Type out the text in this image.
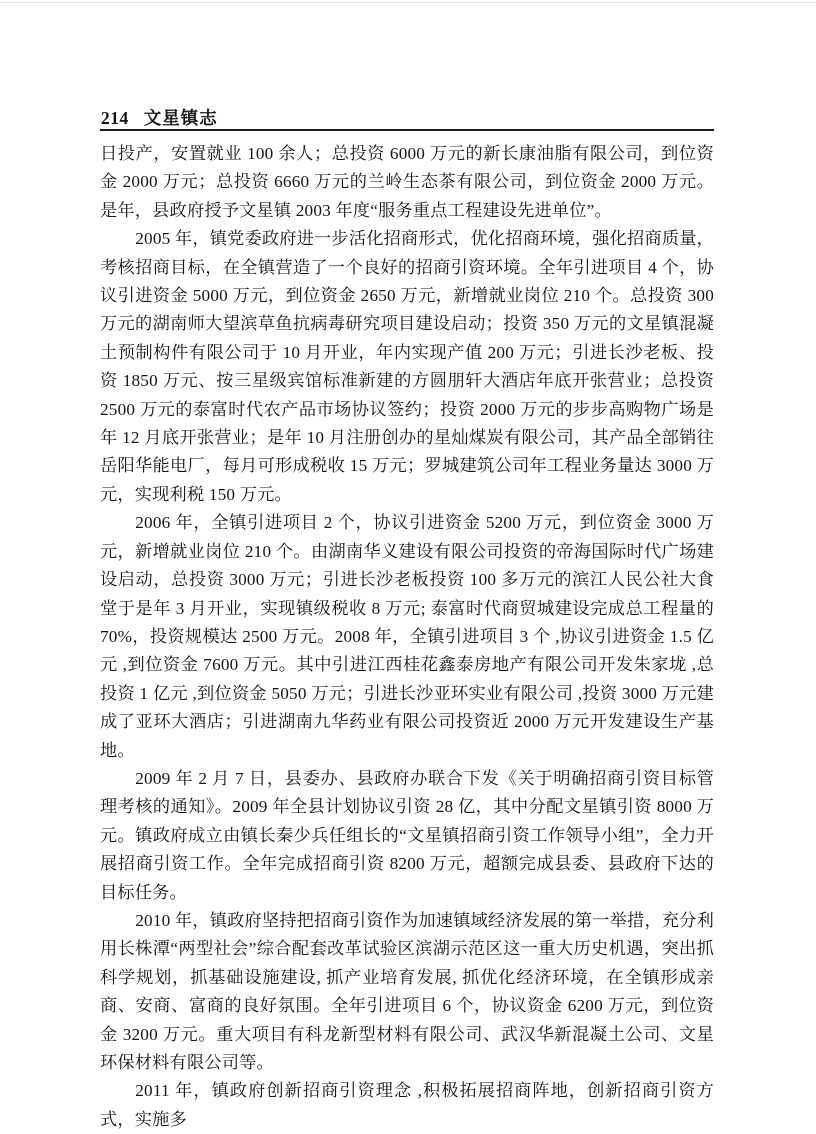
214 文星镇志

日投产，安置就业 100 余人；总投资 6000 万元的新长康油脂有限公司，到位资金 2000 万元；总投资 6660 万元的兰岭生态茶有限公司，到位资金 2000 万元。是年，县政府授予文星镇 2003 年度“服务重点工程建设先进单位”。

2005 年，镇党委政府进一步活化招商形式，优化招商环境，强化招商质量，考核招商目标，在全镇营造了一个良好的招商引资环境。全年引进项目 4 个，协议引进资金 5000 万元，到位资金 2650 万元，新增就业岗位 210 个。总投资 300 万元的湖南师大望滨草鱼抗病毒研究项目建设启动；投资 350 万元的文星镇混凝土预制构件有限公司于 10 月开业，年内实现产值 200 万元；引进长沙老板、投资 1850 万元、按三星级宾馆标准新建的方圆朋轩大酒店年底开张营业；总投资 2500 万元的泰富时代农产品市场协议签约；投资 2000 万元的步步高购物广场是年 12 月底开张营业；是年 10 月注册创办的星灿煤炭有限公司，其产品全部销往岳阳华能电厂，每月可形成税收 15 万元；罗城建筑公司年工程业务量达 3000 万元，实现利税 150 万元。

2006 年，全镇引进项目 2 个，协议引进资金 5200 万元，到位资金 3000 万元，新增就业岗位 210 个。由湖南华义建设有限公司投资的帝海国际时代广场建设启动，总投资 3000 万元；引进长沙老板投资 100 多万元的滨江人民公社大食堂于是年 3 月开业，实现镇级税收 8 万元; 泰富时代商贸城建设完成总工程量的 70%，投资规模达 2500 万元。2008 年，全镇引进项目 3 个 ,协议引进资金 1.5 亿元 ,到位资金 7600 万元。其中引进江西桂花鑫泰房地产有限公司开发朱家垅 ,总投资 1 亿元 ,到位资金 5050 万元；引进长沙亚环实业有限公司 ,投资 3000 万元建成了亚环大酒店；引进湖南九华药业有限公司投资近 2000 万元开发建设生产基地。

2009 年 2 月 7 日，县委办、县政府办联合下发《关于明确招商引资目标管理考核的通知》。2009 年全县计划协议引资 28 亿，其中分配文星镇引资 8000 万元。镇政府成立由镇长秦少兵任组长的“文星镇招商引资工作领导小组”，全力开展招商引资工作。全年完成招商引资 8200 万元，超额完成县委、县政府下达的目标任务。

2010 年，镇政府坚持把招商引资作为加速镇域经济发展的第一举措，充分利用长株潭“两型社会”综合配套改革试验区滨湖示范区这一重大历史机遇，突出抓科学规划，抓基础设施建设, 抓产业培育发展, 抓优化经济环境，在全镇形成亲商、安商、富商的良好氛围。全年引进项目 6 个，协议资金 6200 万元，到位资金 3200 万元。重大项目有科龙新型材料有限公司、武汉华新混凝土公司、文星环保材料有限公司等。

2011 年，镇政府创新招商引资理念 ,积极拓展招商阵地，创新招商引资方式，实施多
